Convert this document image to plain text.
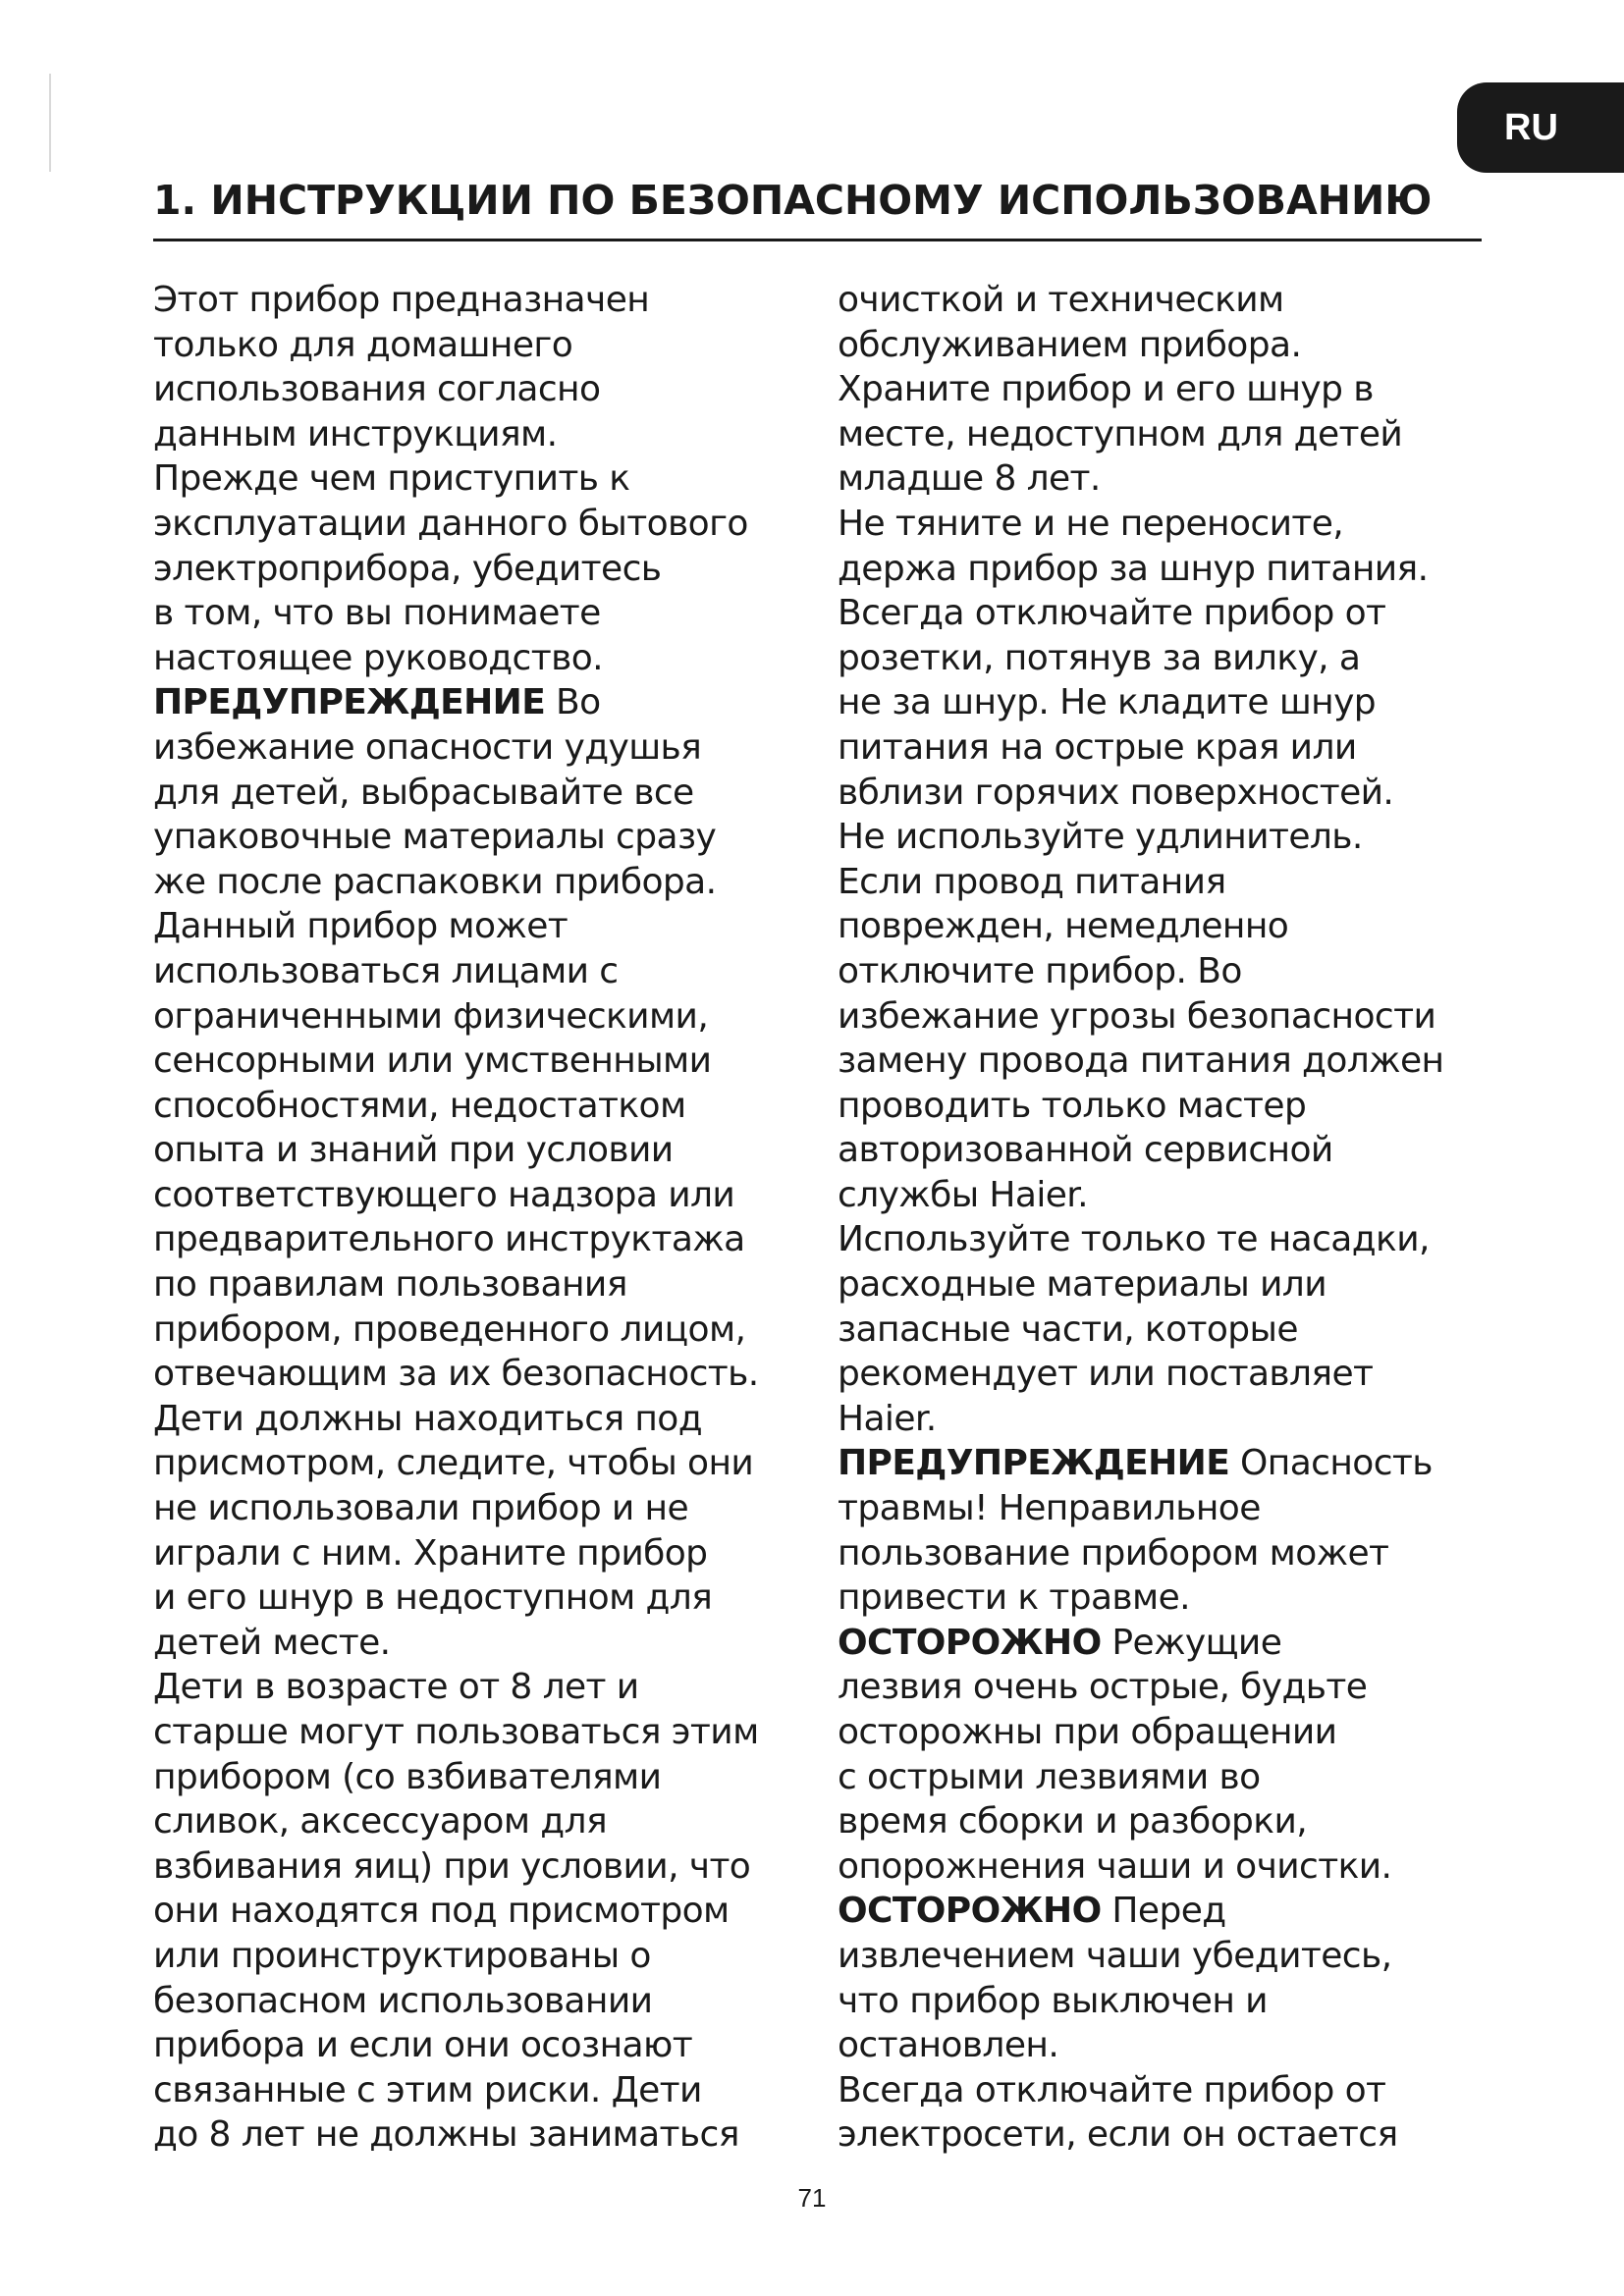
RU
1. ИНСТРУКЦИИ ПО БЕЗОПАСНОМУ ИСПОЛЬЗОВАНИЮ
Этот прибор предназначен
только для домашнего
использования согласно
данным инструкциям.
Прежде чем приступить к
эксплуатации данного бытового
электроприбора, убедитесь
в том, что вы понимаете
настоящее руководство.
ПРЕДУПРЕЖДЕНИЕ Во
избежание опасности удушья
для детей, выбрасывайте все
упаковочные материалы сразу
же после распаковки прибора.
Данный прибор может
использоваться лицами с
ограниченными физическими,
сенсорными или умственными
способностями, недостатком
опыта и знаний при условии
соответствующего надзора или
предварительного инструктажа
по правилам пользования
прибором, проведенного лицом,
отвечающим за их безопасность.
Дети должны находиться под
присмотром, следите, чтобы они
не использовали прибор и не
играли с ним. Храните прибор
и его шнур в недоступном для
детей месте.
Дети в возрасте от 8 лет и
старше могут пользоваться этим
прибором (со взбивателями
сливок, аксессуаром для
взбивания яиц) при условии, что
они находятся под присмотром
или проинструктированы о
безопасном использовании
прибора и если они осознают
связанные с этим риски. Дети
до 8 лет не должны заниматься
очисткой и техническим
обслуживанием прибора.
Храните прибор и его шнур в
месте, недоступном для детей
младше 8 лет.
Не тяните и не переносите,
держа прибор за шнур питания.
Всегда отключайте прибор от
розетки, потянув за вилку, а
не за шнур. Не кладите шнур
питания на острые края или
вблизи горячих поверхностей.
Не используйте удлинитель.
Если провод питания
поврежден, немедленно
отключите прибор. Во
избежание угрозы безопасности
замену провода питания должен
проводить только мастер
авторизованной сервисной
службы Haier.
Используйте только те насадки,
расходные материалы или
запасные части, которые
рекомендует или поставляет
Haier.
ПРЕДУПРЕЖДЕНИЕ Опасность
травмы! Неправильное
пользование прибором может
привести к травме.
ОСТОРОЖНО Режущие
лезвия очень острые, будьте
осторожны при обращении
с острыми лезвиями во
время сборки и разборки,
опорожнения чаши и очистки.
ОСТОРОЖНО Перед
извлечением чаши убедитесь,
что прибор выключен и
остановлен.
Всегда отключайте прибор от
электросети, если он остается
71
